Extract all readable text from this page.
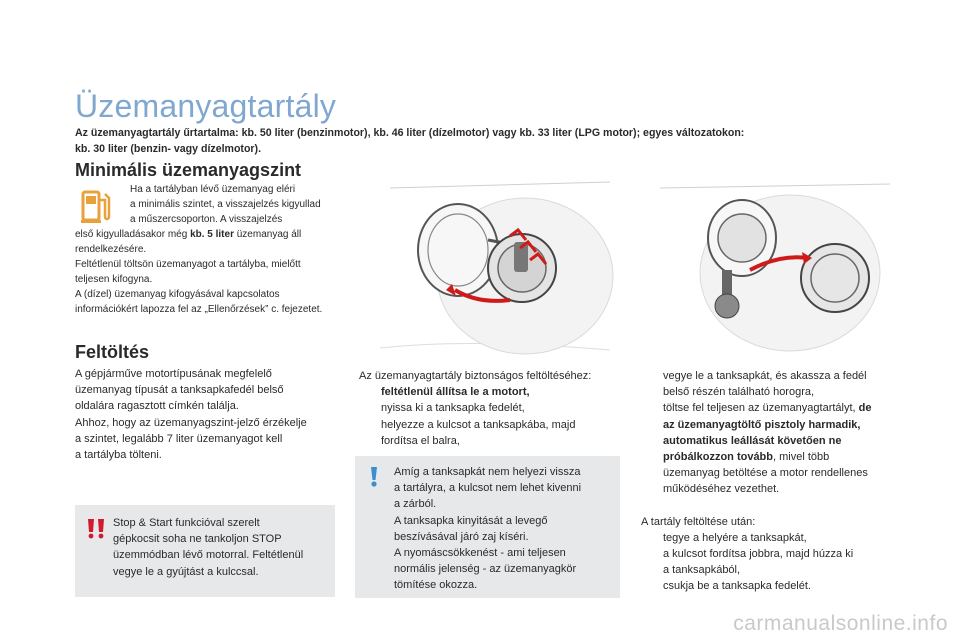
Üzemanyagtartály
Az üzemanyagtartály űrtartalma: kb. 50 liter (benzinmotor), kb. 46 liter (dízelmotor) vagy kb. 33 liter (LPG motor); egyes változatokon:
kb. 30 liter (benzin- vagy dízelmotor).
Minimális üzemanyagszint
Ha a tartályban lévő üzemanyag eléri
a minimális szintet, a visszajelzés kigyullad
a műszercsoporton. A visszajelzés
első kigyulladásakor még kb. 5 liter üzemanyag áll
rendelkezésére.
Feltétlenül töltsön üzemanyagot a tartályba, mielőtt
teljesen kifogyna.
A (dízel) üzemanyag kifogyásával kapcsolatos
információkért lapozza fel az „Ellenőrzések” c. fejezetet.
Feltöltés
A gépjárműve motortípusának megfelelő
üzemanyag típusát a tanksapkafedél belső
oldalára ragasztott címkén találja.
Ahhoz, hogy az üzemanyagszint-jelző érzékelje
a szintet, legalább 7 liter üzemanyagot kell
a tartályba tölteni.
Stop & Start funkcióval szerelt
gépkocsit soha ne tankoljon STOP
üzemmódban lévő motorral. Feltétlenül
vegye le a gyújtást a kulccsal.
Az üzemanyagtartály biztonságos feltöltéséhez:
feltétlenül állítsa le a motort,
nyissa ki a tanksapka fedelét,
helyezze a kulcsot a tanksapkába, majd
fordítsa el balra,
Amíg a tanksapkát nem helyezi vissza
a tartályra, a kulcsot nem lehet kivenni
a zárból.
A tanksapka kinyitását a levegő
beszívásával járó zaj kíséri.
A nyomáscsökkenést - ami teljesen
normális jelenség - az üzemanyagkör
tömítése okozza.
vegye le a tanksapkát, és akassza a fedél
belső részén található horogra,
töltse fel teljesen az üzemanyagtartályt, de
az üzemanyagtöltő pisztoly harmadik,
automatikus leállását követően ne
próbálkozzon tovább, mivel több
üzemanyag betöltése a motor rendellenes
működéséhez vezethet.
A tartály feltöltése után:
tegye a helyére a tanksapkát,
a kulcsot fordítsa jobbra, majd húzza ki
a tanksapkából,
csukja be a tanksapka fedelét.
carmanualsonline.info
